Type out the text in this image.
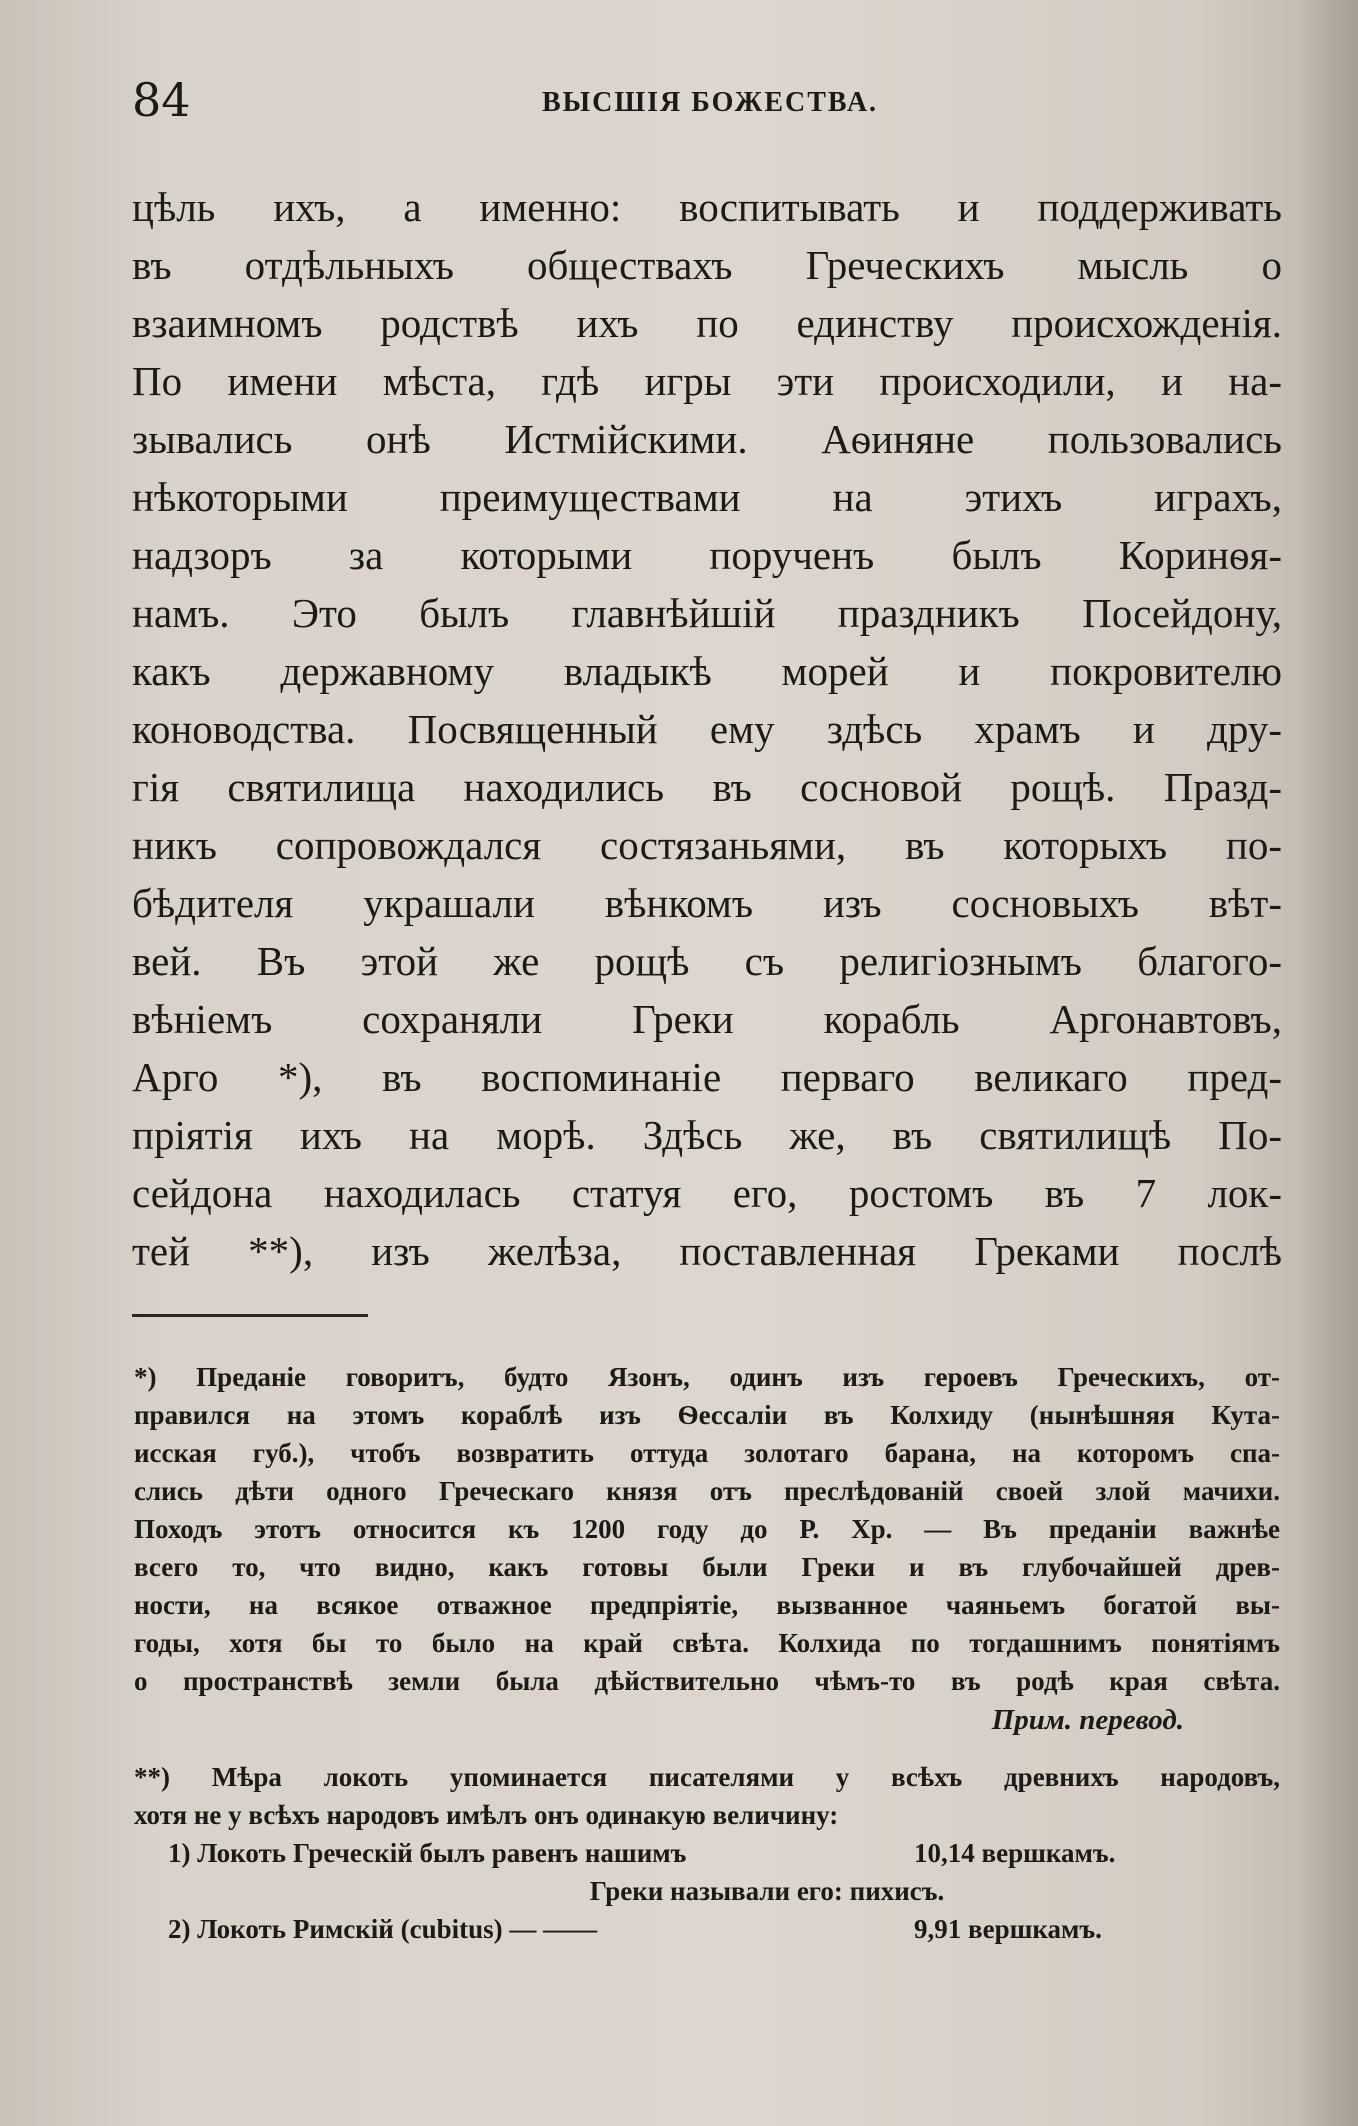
84	ВЫСШІЯ БОЖЕСТВА.
цѣль ихъ, а именно: воспитывать и поддерживать
въ отдѣльныхъ обществахъ Греческихъ мысль о
взаимномъ родствѣ ихъ по единству происхожденія.
По имени мѣста, гдѣ игры эти происходили, и на-
зывались онѣ Истмійскими. Аѳиняне пользовались
нѣкоторыми преимуществами на этихъ играхъ,
надзоръ за которыми порученъ былъ Коринѳя-
намъ. Это былъ главнѣйшій праздникъ Посейдону,
какъ державному владыкѣ морей и покровителю
коноводства. Посвященный ему здѣсь храмъ и дру-
гія святилища находились въ сосновой рощѣ. Празд-
никъ сопровождался состязаньями, въ которыхъ по-
бѣдителя украшали вѣнкомъ изъ сосновыхъ вѣт-
вей. Въ этой же рощѣ съ религіознымъ благого-
вѣніемъ сохраняли Греки корабль Аргонавтовъ,
Арго *), въ воспоминаніе перваго великаго пред-
пріятія ихъ на морѣ. Здѣсь же, въ святилищѣ По-
сейдона находилась статуя его, ростомъ въ 7 лок-
тей **), изъ желѣза, поставленная Греками послѣ
*) Преданіе говоритъ, будто Язонъ, одинъ изъ героевъ Греческихъ, от-
правился на этомъ кораблѣ изъ Ѳессаліи въ Колхиду (нынѣшняя Кута-
исская губ.), чтобъ возвратить оттуда золотаго барана, на которомъ спа-
слись дѣти одного Греческаго князя отъ преслѣдованій своей злой мачихи.
Походъ этотъ относится къ 1200 году до Р. Хр. — Въ преданіи важнѣе
всего то, что видно, какъ готовы были Греки и въ глубочайшей древ-
ности, на всякое отважное предпріятіе, вызванное чаяньемъ богатой вы-
годы, хотя бы то было на край свѣта. Колхида по тогдашнимъ понятіямъ
о пространствѣ земли была дѣйствительно чѣмъ-то въ родѣ края свѣта.
Прим. перевод.
**) Мѣра локоть упоминается писателями у всѣхъ древнихъ народовъ,
хотя не у всѣхъ народовъ имѣлъ онъ одинакую величину:
1) Локоть Греческій былъ равенъ нашимъ	10,14 вершкамъ.
Греки называли его: пихисъ.
2) Локоть Римскій (cubitus) — ——	9,91 вершкамъ.
